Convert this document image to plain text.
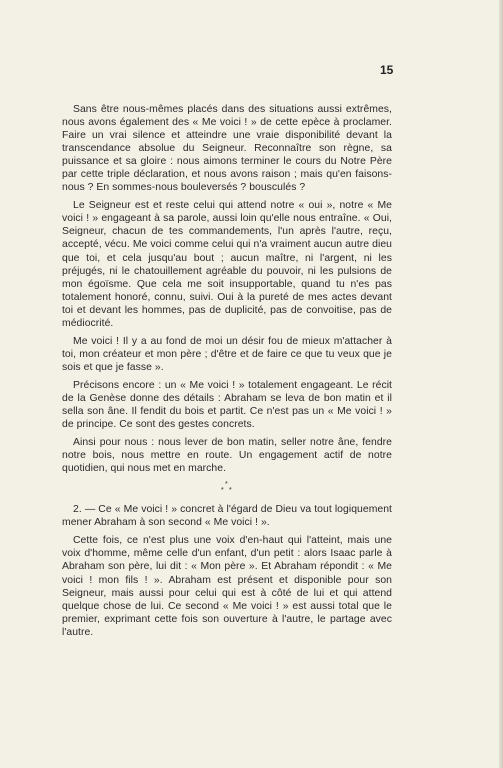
15

Sans être nous-mêmes placés dans des situations aussi extrêmes, nous avons également des « Me voici ! » de cette epèce à proclamer. Faire un vrai silence et atteindre une vraie disponibilité devant la transcendance absolue du Seigneur. Reconnaître son règne, sa puissance et sa gloire : nous aimons terminer le cours du Notre Père par cette triple déclaration, et nous avons raison ; mais qu'en faisons-nous ? En sommes-nous bouleversés ? bousculés ?

Le Seigneur est et reste celui qui attend notre « oui », notre « Me voici ! » engageant à sa parole, aussi loin qu'elle nous entraîne. « Oui, Seigneur, chacun de tes commandements, l'un après l'autre, reçu, accepté, vécu. Me voici comme celui qui n'a vraiment aucun autre dieu que toi, et cela jusqu'au bout ; aucun maître, ni l'argent, ni les préjugés, ni le chatouillement agréable du pouvoir, ni les pulsions de mon égoïsme. Que cela me soit insupportable, quand tu n'es pas totalement honoré, connu, suivi. Oui à la pureté de mes actes devant toi et devant les hommes, pas de duplicité, pas de convoitise, pas de médiocrité.

Me voici ! Il y a au fond de moi un désir fou de mieux m'attacher à toi, mon créateur et mon père ; d'être et de faire ce que tu veux que je sois et que je fasse ».

Précisons encore : un « Me voici ! » totalement engageant. Le récit de la Genèse donne des détails : Abraham se leva de bon matin et il sella son âne. Il fendit du bois et partit. Ce n'est pas un « Me voici ! » de principe. Ce sont des gestes concrets.

Ainsi pour nous : nous lever de bon matin, seller notre âne, fendre notre bois, nous mettre en route. Un engagement actif de notre quotidien, qui nous met en marche.

*
* *

2. — Ce « Me voici ! » concret à l'égard de Dieu va tout logiquement mener Abraham à son second « Me voici ! ».

Cette fois, ce n'est plus une voix d'en-haut qui l'atteint, mais une voix d'homme, même celle d'un enfant, d'un petit : alors Isaac parle à Abraham son père, lui dit : « Mon père ». Et Abraham répondit : « Me voici ! mon fils ! ». Abraham est présent et disponible pour son Seigneur, mais aussi pour celui qui est à côté de lui et qui attend quelque chose de lui. Ce second « Me voici ! » est aussi total que le premier, exprimant cette fois son ouverture à l'autre, le partage avec l'autre.
